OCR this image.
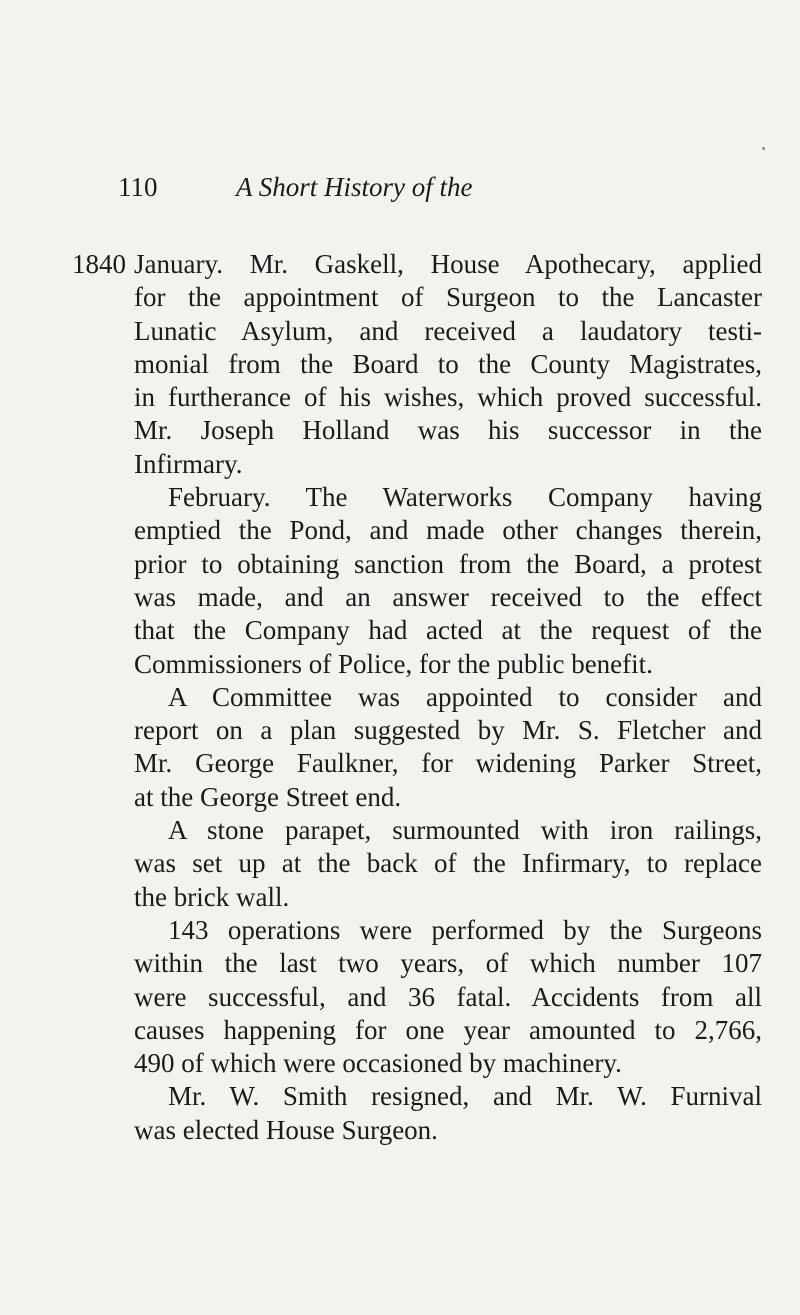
110	A Short History of the
1840 January. Mr. Gaskell, House Apothecary, applied
for the appointment of Surgeon to the Lancaster
Lunatic Asylum, and received a laudatory testi-
monial from the Board to the County Magistrates,
in furtherance of his wishes, which proved successful.
Mr. Joseph Holland was his successor in the
Infirmary.
February. The Waterworks Company having
emptied the Pond, and made other changes therein,
prior to obtaining sanction from the Board, a protest
was made, and an answer received to the effect
that the Company had acted at the request of the
Commissioners of Police, for the public benefit.
A Committee was appointed to consider and
report on a plan suggested by Mr. S. Fletcher and
Mr. George Faulkner, for widening Parker Street,
at the George Street end.
A stone parapet, surmounted with iron railings,
was set up at the back of the Infirmary, to replace
the brick wall.
143 operations were performed by the Surgeons
within the last two years, of which number 107
were successful, and 36 fatal. Accidents from all
causes happening for one year amounted to 2,766,
490 of which were occasioned by machinery.
Mr. W. Smith resigned, and Mr. W. Furnival
was elected House Surgeon.
